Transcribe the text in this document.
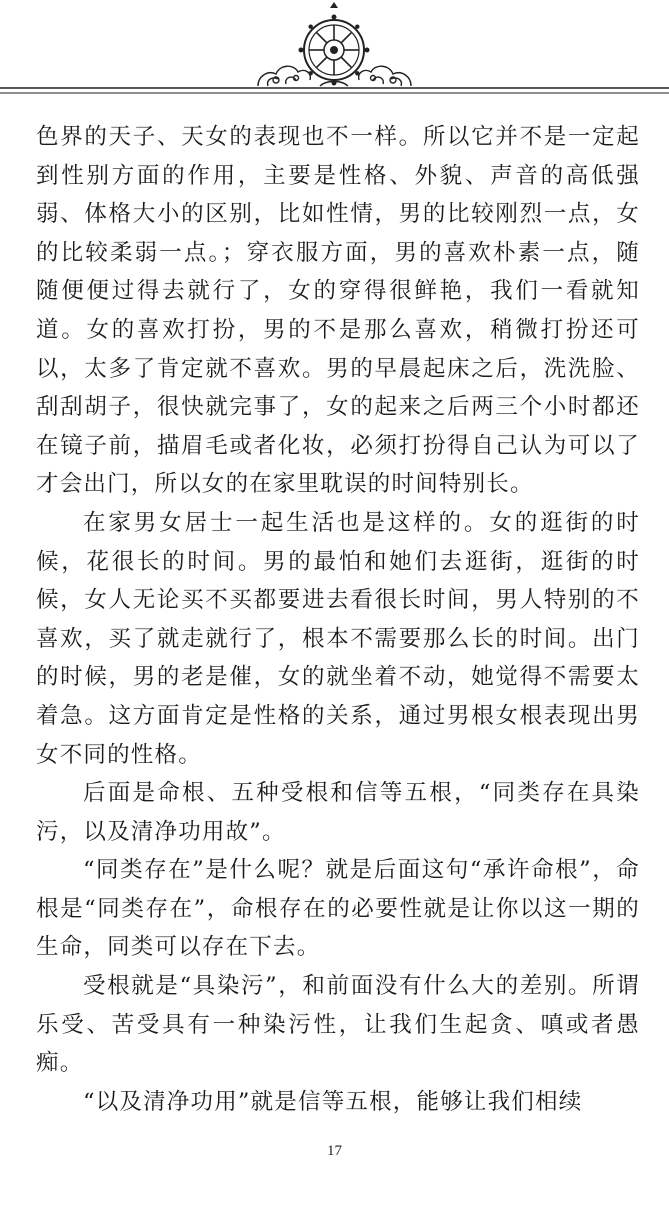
色界的天子、天女的表现也不一样。所以它并不是一定起到性别方面的作用，主要是性格、外貌、声音的高低强弱、体格大小的区别，比如性情，男的比较刚烈一点，女的比较柔弱一点。；穿衣服方面，男的喜欢朴素一点，随随便便过得去就行了，女的穿得很鲜艳，我们一看就知道。女的喜欢打扮，男的不是那么喜欢，稍微打扮还可以，太多了肯定就不喜欢。男的早晨起床之后，洗洗脸、刮刮胡子，很快就完事了，女的起来之后两三个小时都还在镜子前，描眉毛或者化妆，必须打扮得自己认为可以了才会出门，所以女的在家里耽误的时间特别长。

在家男女居士一起生活也是这样的。女的逛街的时候，花很长的时间。男的最怕和她们去逛街，逛街的时候，女人无论买不买都要进去看很长时间，男人特别的不喜欢，买了就走就行了，根本不需要那么长的时间。出门的时候，男的老是催，女的就坐着不动，她觉得不需要太着急。这方面肯定是性格的关系，通过男根女根表现出男女不同的性格。

后面是命根、五种受根和信等五根，“同类存在具染污，以及清净功用故”。

“同类存在”是什么呢？就是后面这句“承许命根”，命根是“同类存在”，命根存在的必要性就是让你以这一期的生命，同类可以存在下去。

受根就是“具染污”，和前面没有什么大的差别。所谓乐受、苦受具有一种染污性，让我们生起贪、嗔或者愚痴。

“以及清净功用”就是信等五根，能够让我们相续

17
